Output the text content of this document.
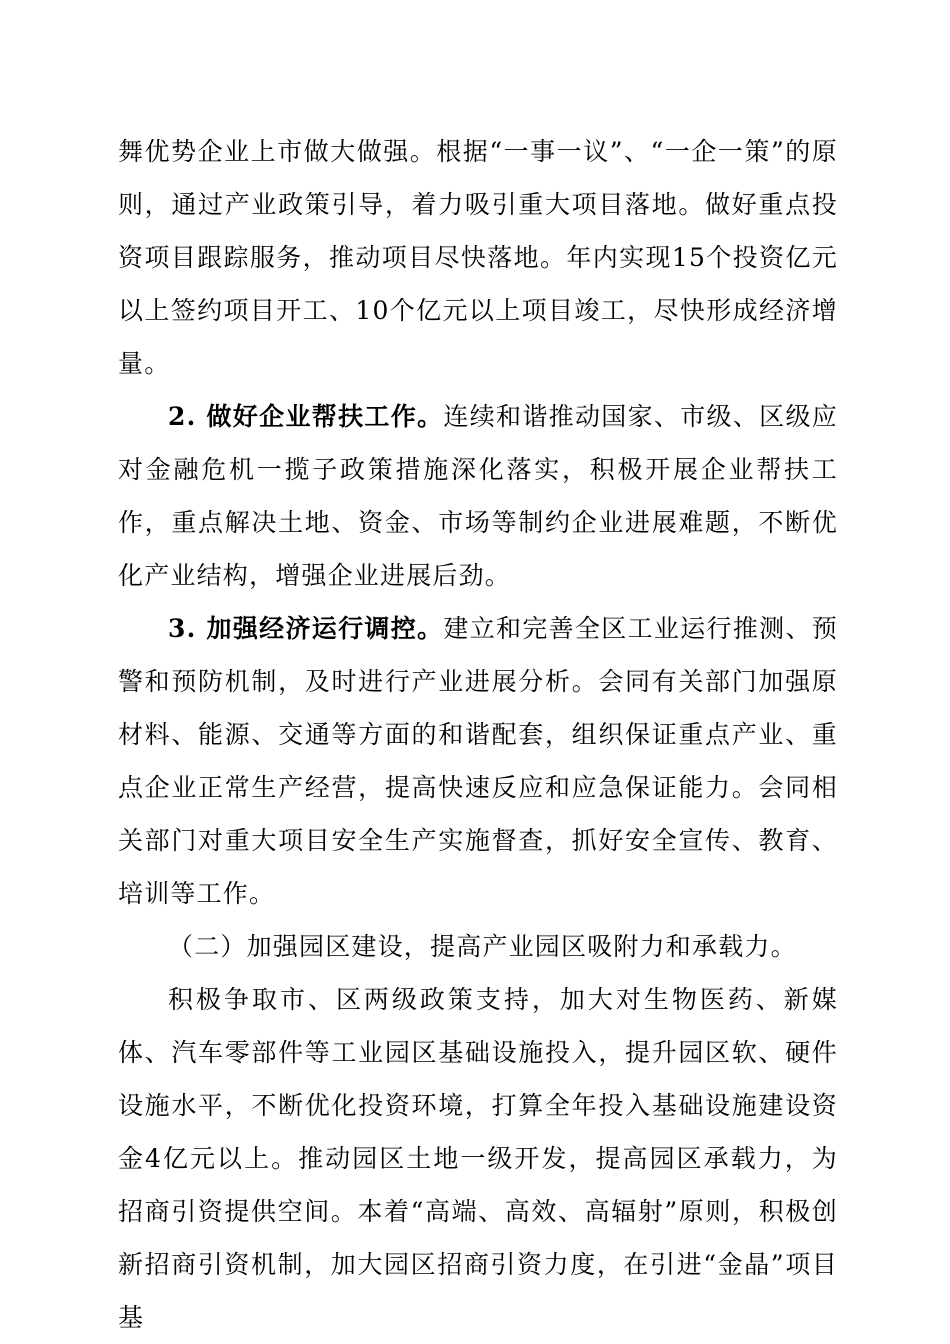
舞优势企业上市做大做强。根据“一事一议”、“一企一策”的原则，通过产业政策引导，着力吸引重大项目落地。做好重点投资项目跟踪服务，推动项目尽快落地。年内实现15个投资亿元以上签约项目开工、10个亿元以上项目竣工，尽快形成经济增量。

2. 做好企业帮扶工作。连续和谐推动国家、市级、区级应对金融危机一揽子政策措施深化落实，积极开展企业帮扶工作，重点解决土地、资金、市场等制约企业进展难题，不断优化产业结构，增强企业进展后劲。

3. 加强经济运行调控。建立和完善全区工业运行推测、预警和预防机制，及时进行产业进展分析。会同有关部门加强原材料、能源、交通等方面的和谐配套，组织保证重点产业、重点企业正常生产经营，提高快速反应和应急保证能力。会同相关部门对重大项目安全生产实施督查，抓好安全宣传、教育、培训等工作。

（二）加强园区建设，提高产业园区吸附力和承载力。

积极争取市、区两级政策支持，加大对生物医药、新媒体、汽车零部件等工业园区基础设施投入，提升园区软、硬件设施水平，不断优化投资环境，打算全年投入基础设施建设资金4亿元以上。推动园区土地一级开发，提高园区承载力，为招商引资提供空间。本着“高端、高效、高辐射”原则，积极创新招商引资机制，加大园区招商引资力度，在引进“金晶”项目基
